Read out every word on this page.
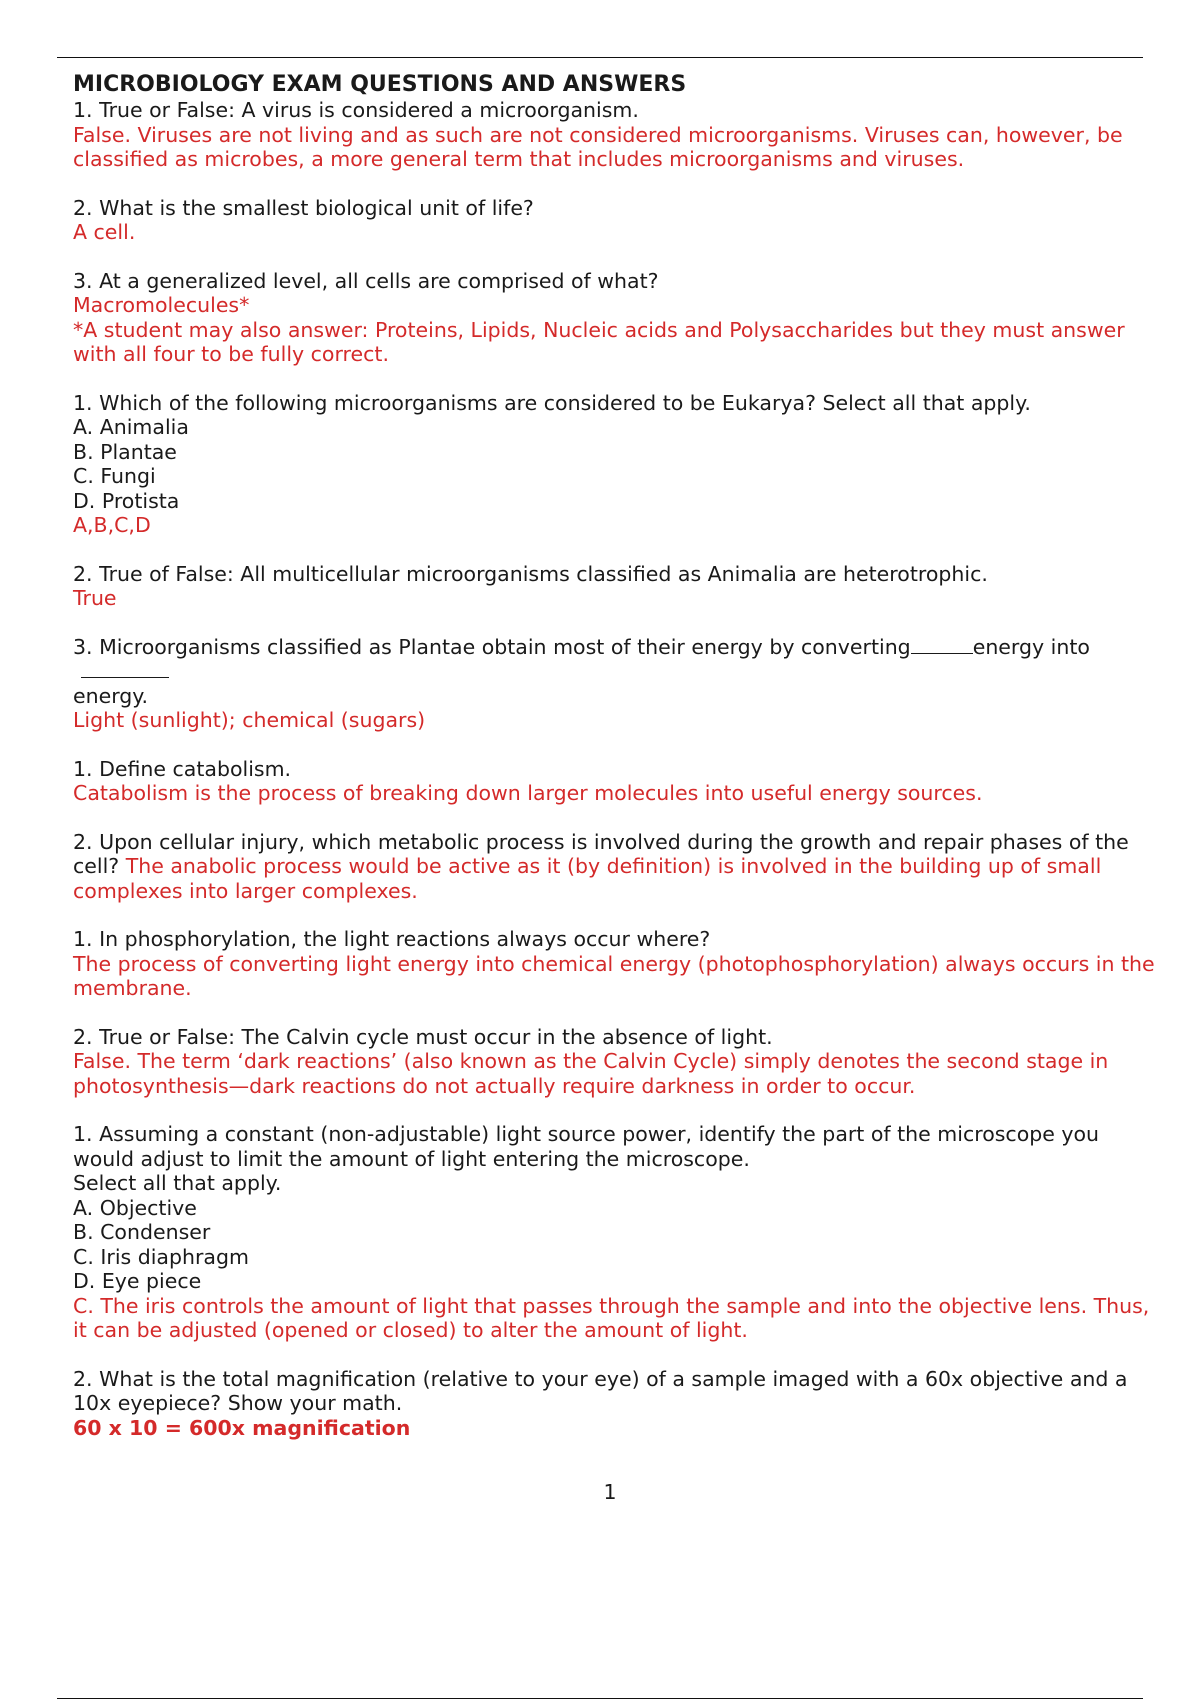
MICROBIOLOGY EXAM QUESTIONS AND ANSWERS
1. True or False: A virus is considered a microorganism.
False. Viruses are not living and as such are not considered microorganisms. Viruses can, however, be classified as microbes, a more general term that includes microorganisms and viruses.
2. What is the smallest biological unit of life?
A cell.
3. At a generalized level, all cells are comprised of what?
Macromolecules*
*A student may also answer: Proteins, Lipids, Nucleic acids and Polysaccharides but they must answer with all four to be fully correct.
1. Which of the following microorganisms are considered to be Eukarya? Select all that apply.
A. Animalia
B. Plantae
C. Fungi
D. Protista
A,B,C,D
2. True of False: All multicellular microorganisms classified as Animalia are heterotrophic.
True
3. Microorganisms classified as Plantae obtain most of their energy by converting	energy into
energy.
Light (sunlight); chemical (sugars)
1. Define catabolism.
Catabolism is the process of breaking down larger molecules into useful energy sources.
2. Upon cellular injury, which metabolic process is involved during the growth and repair phases of the cell? The anabolic process would be active as it (by definition) is involved in the building up of small complexes into larger complexes.
1. In phosphorylation, the light reactions always occur where?
The process of converting light energy into chemical energy (photophosphorylation) always occurs in the membrane.
2. True or False: The Calvin cycle must occur in the absence of light.
False. The term ‘dark reactions’ (also known as the Calvin Cycle) simply denotes the second stage in photosynthesis—dark reactions do not actually require darkness in order to occur.
1. Assuming a constant (non-adjustable) light source power, identify the part of the microscope you would adjust to limit the amount of light entering the microscope.
Select all that apply.
A. Objective
B. Condenser
C. Iris diaphragm
D. Eye piece
C. The iris controls the amount of light that passes through the sample and into the objective lens. Thus, it can be adjusted (opened or closed) to alter the amount of light.
2. What is the total magnification (relative to your eye) of a sample imaged with a 60x objective and a 10x eyepiece? Show your math.
60 x 10 = 600x magnification
1
